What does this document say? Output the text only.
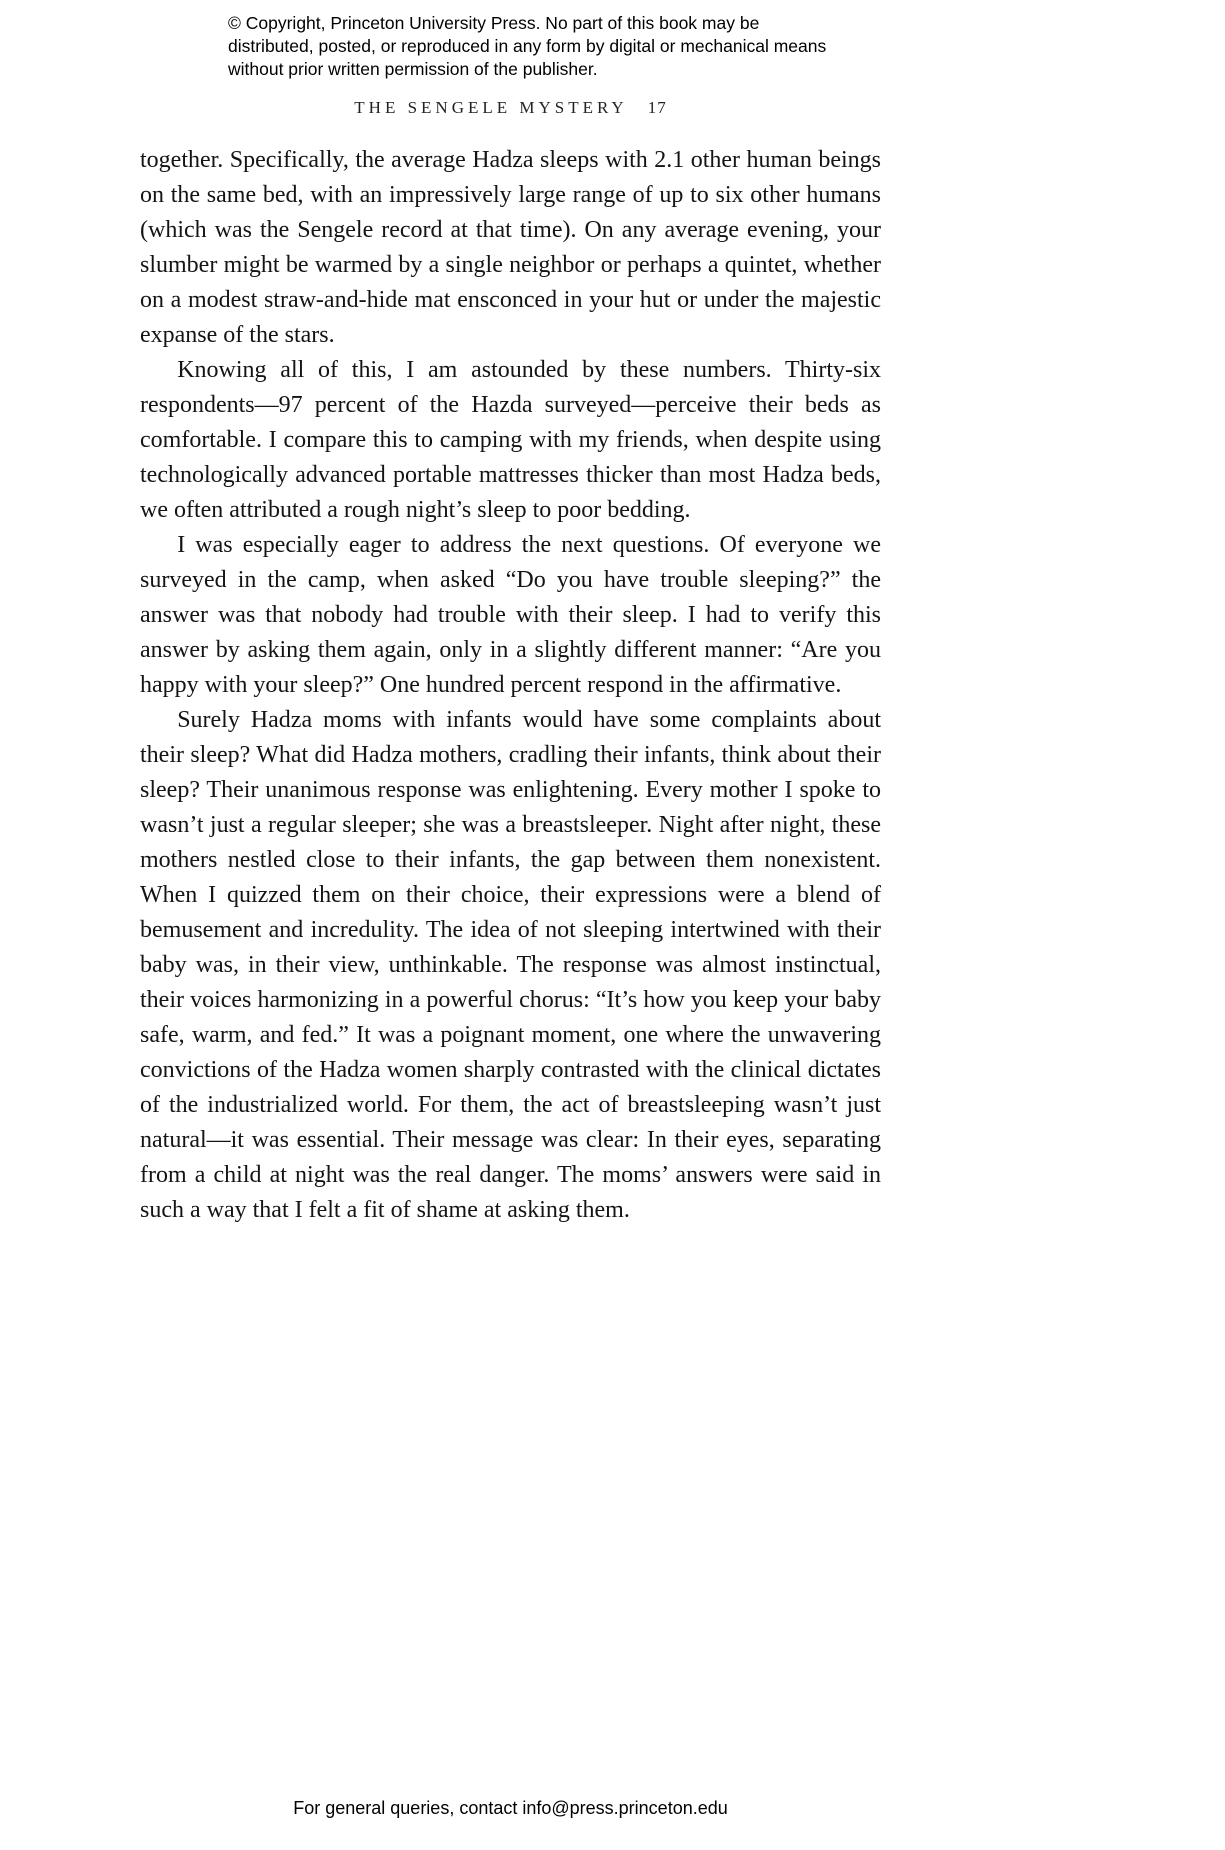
© Copyright, Princeton University Press. No part of this book may be distributed, posted, or reproduced in any form by digital or mechanical means without prior written permission of the publisher.
THE SENGELE MYSTERY 17

together. Specifically, the average Hadza sleeps with 2.1 other human beings on the same bed, with an impressively large range of up to six other humans (which was the Sengele record at that time). On any average evening, your slumber might be warmed by a single neighbor or perhaps a quintet, whether on a modest straw-and-hide mat ensconced in your hut or under the majestic expanse of the stars.

Knowing all of this, I am astounded by these numbers. Thirty-six respondents—97 percent of the Hazda surveyed—perceive their beds as comfortable. I compare this to camping with my friends, when despite using technologically advanced portable mattresses thicker than most Hadza beds, we often attributed a rough night’s sleep to poor bedding.

I was especially eager to address the next questions. Of everyone we surveyed in the camp, when asked “Do you have trouble sleeping?” the answer was that nobody had trouble with their sleep. I had to verify this answer by asking them again, only in a slightly different manner: “Are you happy with your sleep?” One hundred percent respond in the affirmative.

Surely Hadza moms with infants would have some complaints about their sleep? What did Hadza mothers, cradling their infants, think about their sleep? Their unanimous response was enlightening. Every mother I spoke to wasn’t just a regular sleeper; she was a breastsleeper. Night after night, these mothers nestled close to their infants, the gap between them nonexistent. When I quizzed them on their choice, their expressions were a blend of bemusement and incredulity. The idea of not sleeping intertwined with their baby was, in their view, unthinkable. The response was almost instinctual, their voices harmonizing in a powerful chorus: “It’s how you keep your baby safe, warm, and fed.” It was a poignant moment, one where the unwavering convictions of the Hadza women sharply contrasted with the clinical dictates of the industrialized world. For them, the act of breastsleeping wasn’t just natural—it was essential. Their message was clear: In their eyes, separating from a child at night was the real danger. The moms’ answers were said in such a way that I felt a fit of shame at asking them.

For general queries, contact info@press.princeton.edu
